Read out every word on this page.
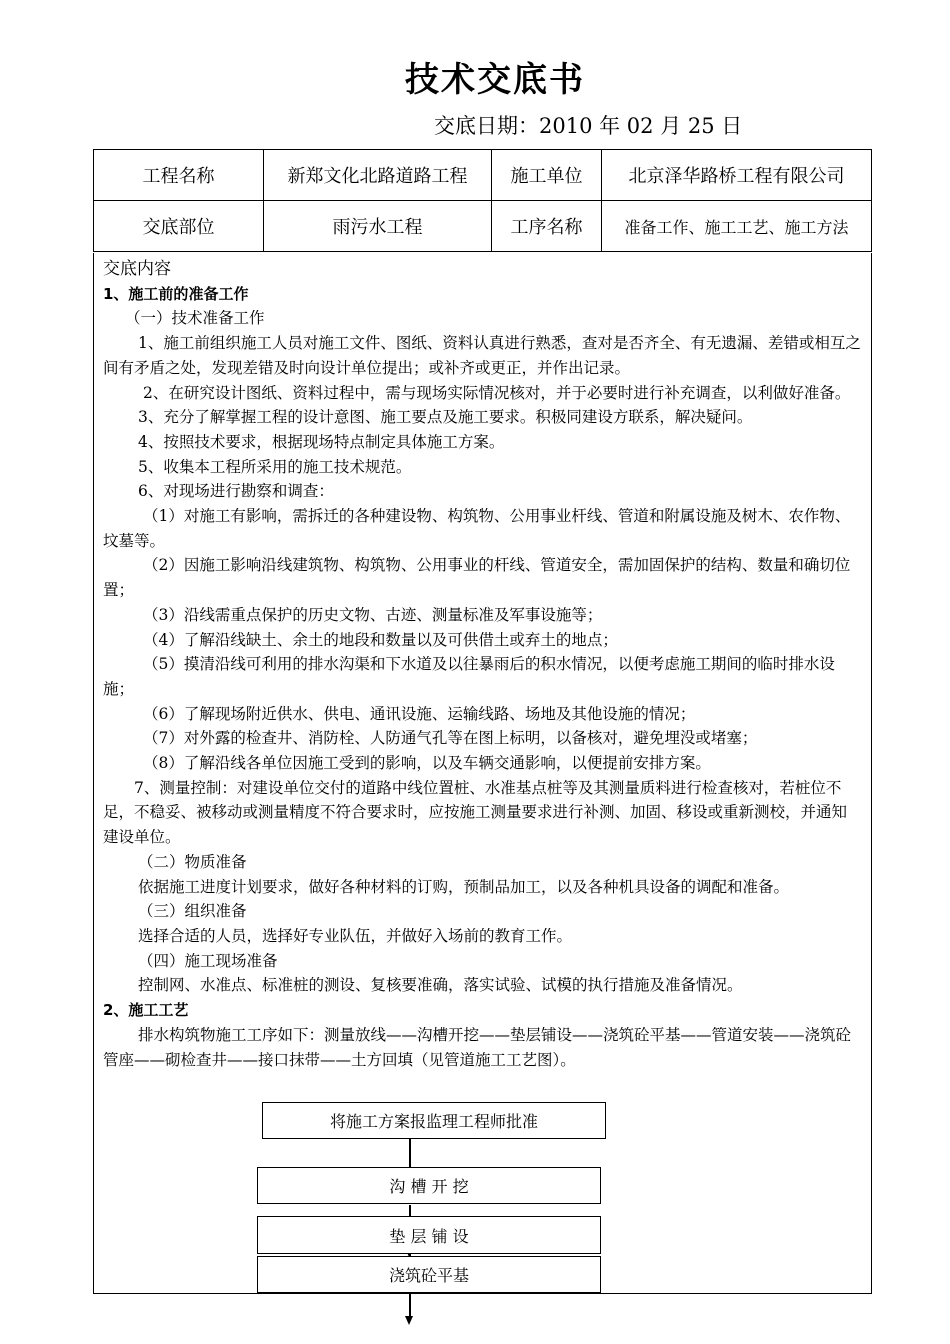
技术交底书
交底日期：2010 年 02 月 25 日
工程名称	新郑文化北路道路工程	施工单位	北京泽华路桥工程有限公司
交底部位	雨污水工程	工序名称	准备工作、施工工艺、施工方法

交底内容

1、施工前的准备工作

（一）技术准备工作

1、施工前组织施工人员对施工文件、图纸、资料认真进行熟悉，查对是否齐全、有无遗漏、差错或相互之间有矛盾之处，发现差错及时向设计单位提出；或补齐或更正，并作出记录。

2、在研究设计图纸、资料过程中，需与现场实际情况核对，并于必要时进行补充调查，以利做好准备。

3、充分了解掌握工程的设计意图、施工要点及施工要求。积极同建设方联系，解决疑问。

4、按照技术要求，根据现场特点制定具体施工方案。

5、收集本工程所采用的施工技术规范。

6、对现场进行勘察和调查：

（1）对施工有影响，需拆迁的各种建设物、构筑物、公用事业杆线、管道和附属设施及树木、农作物、坟墓等。

（2）因施工影响沿线建筑物、构筑物、公用事业的杆线、管道安全，需加固保护的结构、数量和确切位置；

（3）沿线需重点保护的历史文物、古迹、测量标准及军事设施等；

（4）了解沿线缺土、余土的地段和数量以及可供借土或弃土的地点；

（5）摸清沿线可利用的排水沟渠和下水道及以往暴雨后的积水情况，以便考虑施工期间的临时排水设施；

（6）了解现场附近供水、供电、通讯设施、运输线路、场地及其他设施的情况；

（7）对外露的检查井、消防栓、人防通气孔等在图上标明，以备核对，避免埋没或堵塞；

（8）了解沿线各单位因施工受到的影响，以及车辆交通影响，以便提前安排方案。

7、测量控制：对建设单位交付的道路中线位置桩、水准基点桩等及其测量质料进行检查核对，若桩位不足，不稳妥、被移动或测量精度不符合要求时，应按施工测量要求进行补测、加固、移设或重新测校，并通知建设单位。

（二）物质准备

依据施工进度计划要求，做好各种材料的订购，预制品加工，以及各种机具设备的调配和准备。

（三）组织准备

选择合适的人员，选择好专业队伍，并做好入场前的教育工作。

（四）施工现场准备

控制网、水准点、标准桩的测设、复核要准确，落实试验、试模的执行措施及准备情况。

2、施工工艺

排水构筑物施工工序如下：测量放线——沟槽开挖——垫层铺设——浇筑砼平基——管道安装——浇筑砼管座——砌检查井——接口抹带——土方回填（见管道施工工艺图）。

将施工方案报监理工程师批准
沟 槽 开 挖
垫 层 铺 设
浇筑砼平基
